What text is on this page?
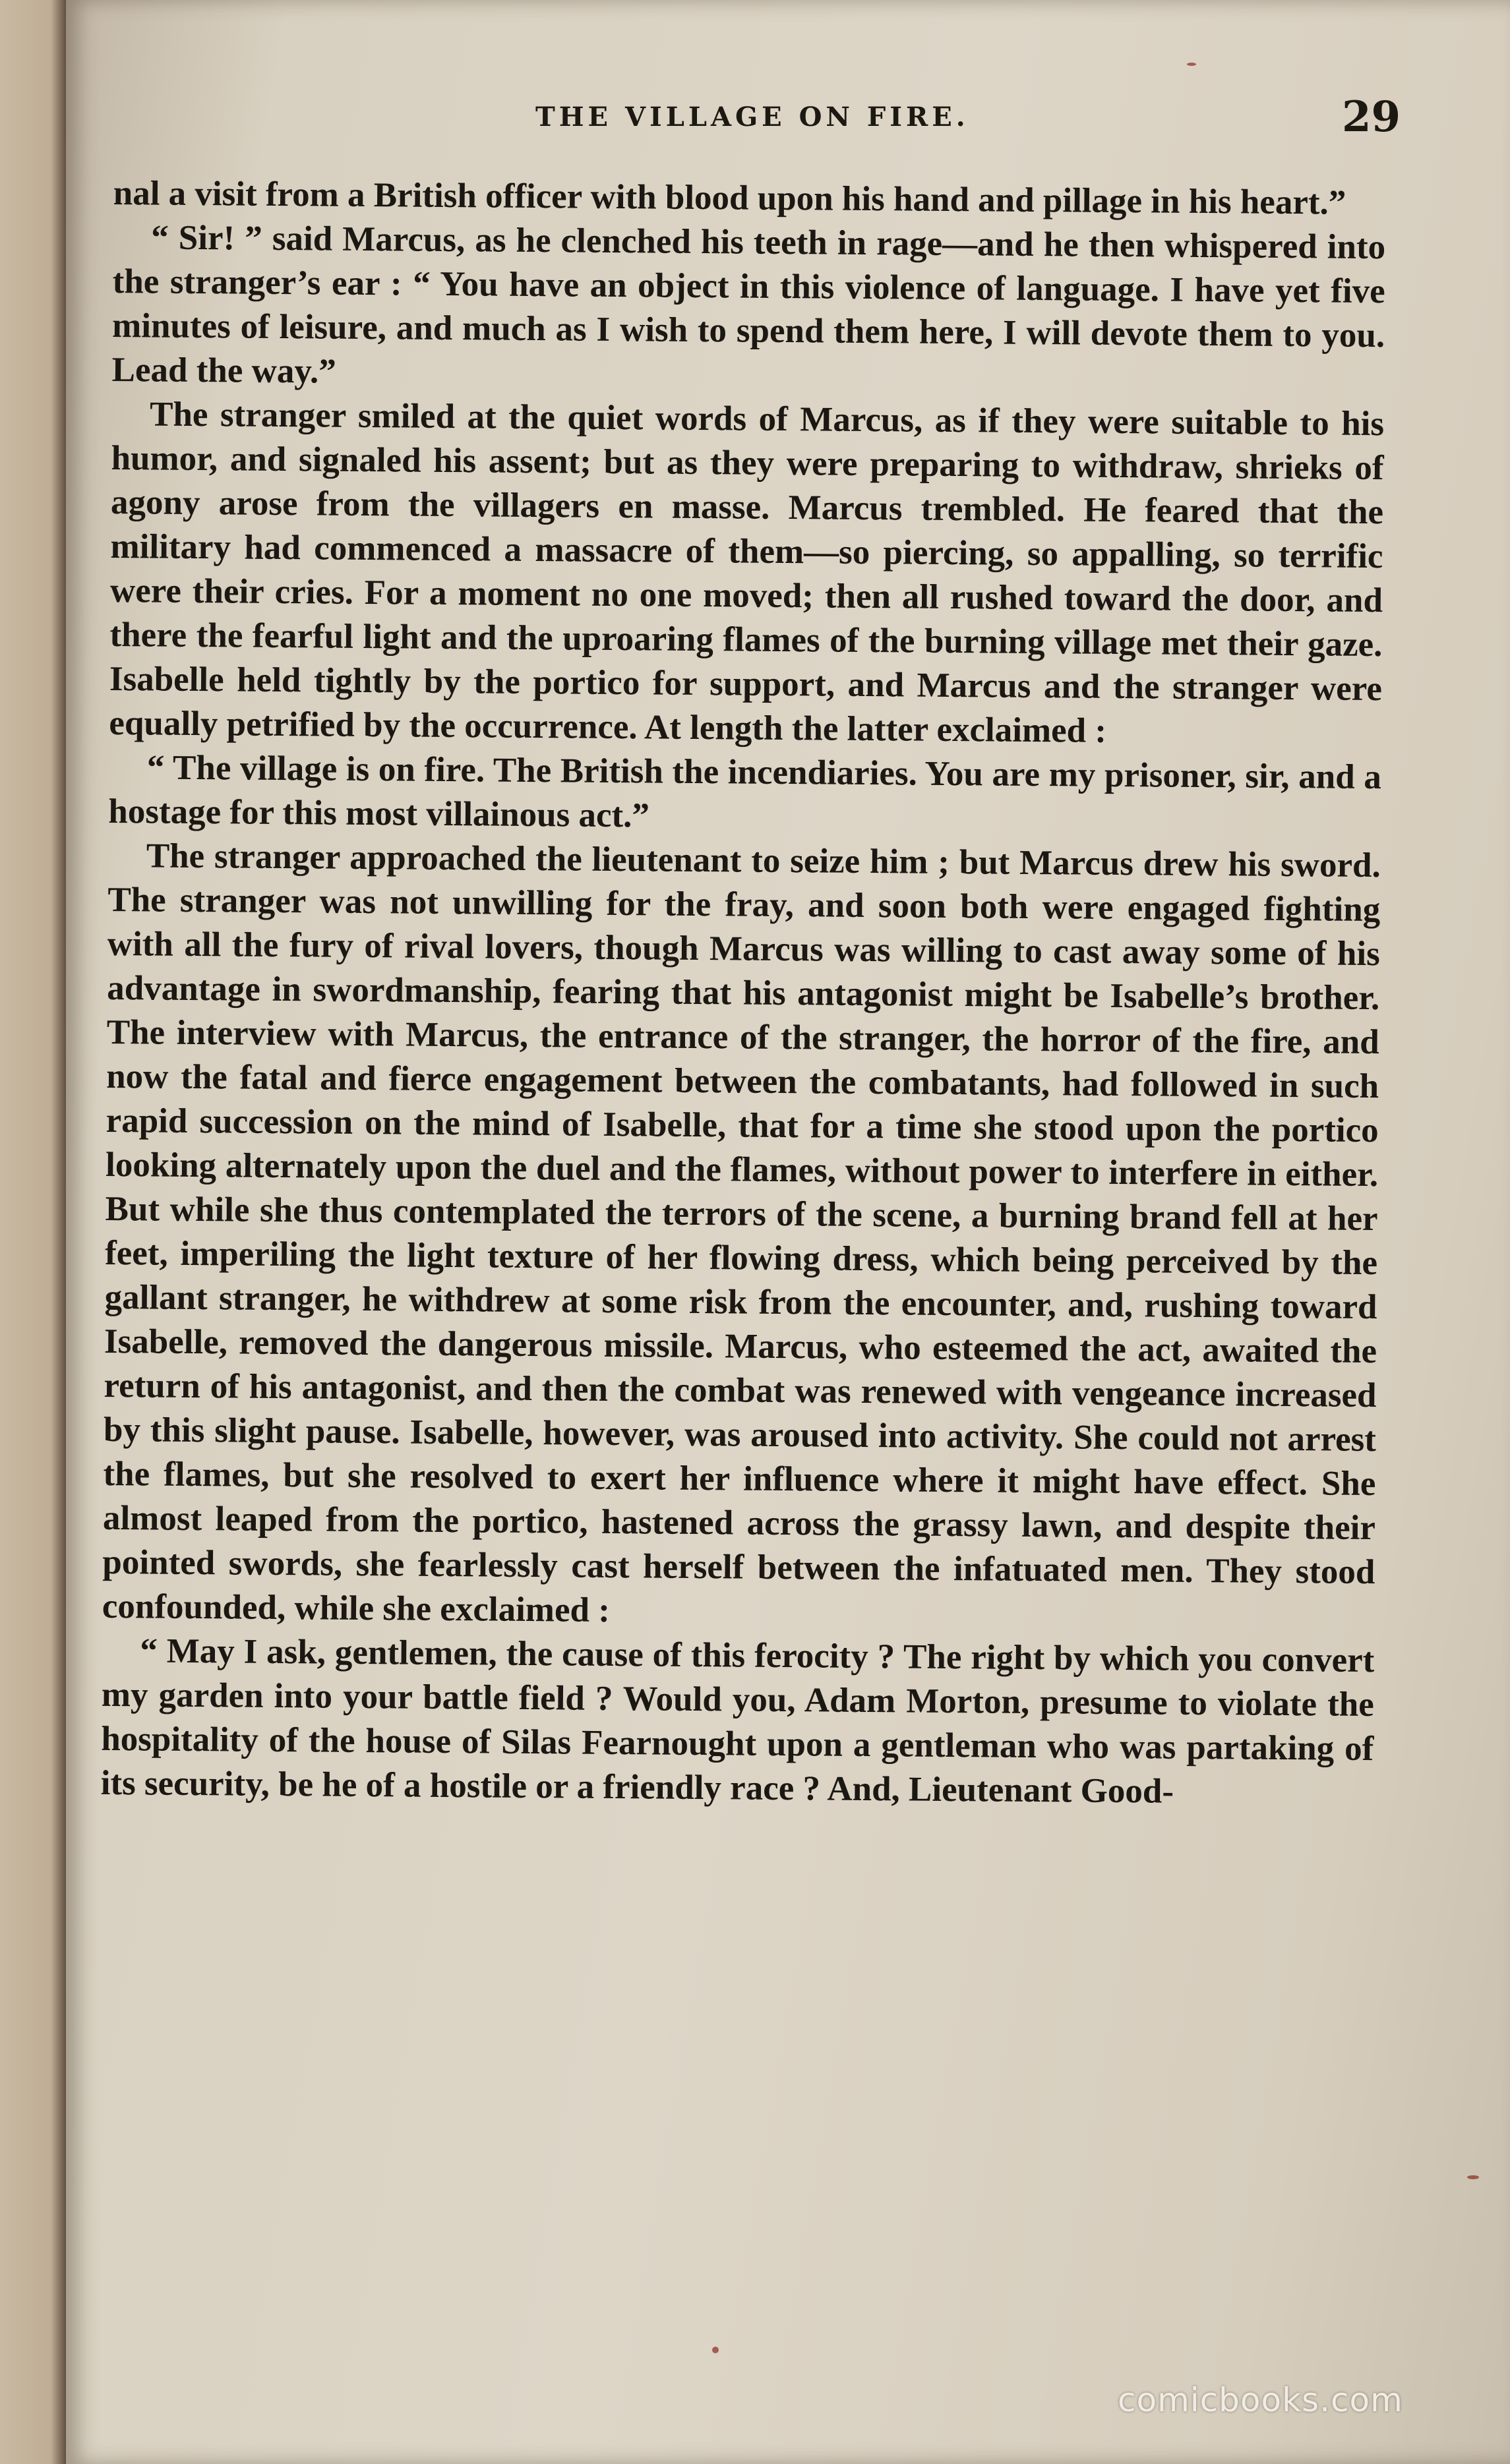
THE VILLAGE ON FIRE.	29

nal a visit from a British officer with blood upon his hand and pillage in his heart.”

“ Sir! ” said Marcus, as he clenched his teeth in rage—and he then whispered into the stranger’s ear : “ You have an object in this violence of language. I have yet five minutes of leisure, and much as I wish to spend them here, I will devote them to you. Lead the way.”

The stranger smiled at the quiet words of Marcus, as if they were suitable to his humor, and signaled his assent; but as they were preparing to withdraw, shrieks of agony arose from the villagers en masse. Marcus trembled. He feared that the military had commenced a massacre of them—so piercing, so appalling, so terrific were their cries. For a moment no one moved; then all rushed toward the door, and there the fearful light and the uproaring flames of the burning village met their gaze. Isabelle held tightly by the portico for support, and Marcus and the stranger were equally petrified by the occurrence. At length the latter exclaimed :

“ The village is on fire. The British the incendiaries. You are my prisoner, sir, and a hostage for this most villainous act.”

The stranger approached the lieutenant to seize him ; but Marcus drew his sword. The stranger was not unwilling for the fray, and soon both were engaged fighting with all the fury of rival lovers, though Marcus was willing to cast away some of his advantage in swordmanship, fearing that his antagonist might be Isabelle’s brother. The interview with Marcus, the entrance of the stranger, the horror of the fire, and now the fatal and fierce engagement between the combatants, had followed in such rapid succession on the mind of Isabelle, that for a time she stood upon the portico looking alternately upon the duel and the flames, without power to interfere in either. But while she thus contemplated the terrors of the scene, a burning brand fell at her feet, imperiling the light texture of her flowing dress, which being perceived by the gallant stranger, he withdrew at some risk from the encounter, and, rushing toward Isabelle, removed the dangerous missile. Marcus, who esteemed the act, awaited the return of his antagonist, and then the combat was renewed with vengeance increased by this slight pause. Isabelle, however, was aroused into activity. She could not arrest the flames, but she resolved to exert her influence where it might have effect. She almost leaped from the portico, hastened across the grassy lawn, and despite their pointed swords, she fearlessly cast herself between the infatuated men. They stood confounded, while she exclaimed :

“ May I ask, gentlemen, the cause of this ferocity ? The right by which you convert my garden into your battle field ? Would you, Adam Morton, presume to violate the hospitality of the house of Silas Fearnought upon a gentleman who was partaking of its security, be he of a hostile or a friendly race ? And, Lieutenant Good-

comicbooks.com
